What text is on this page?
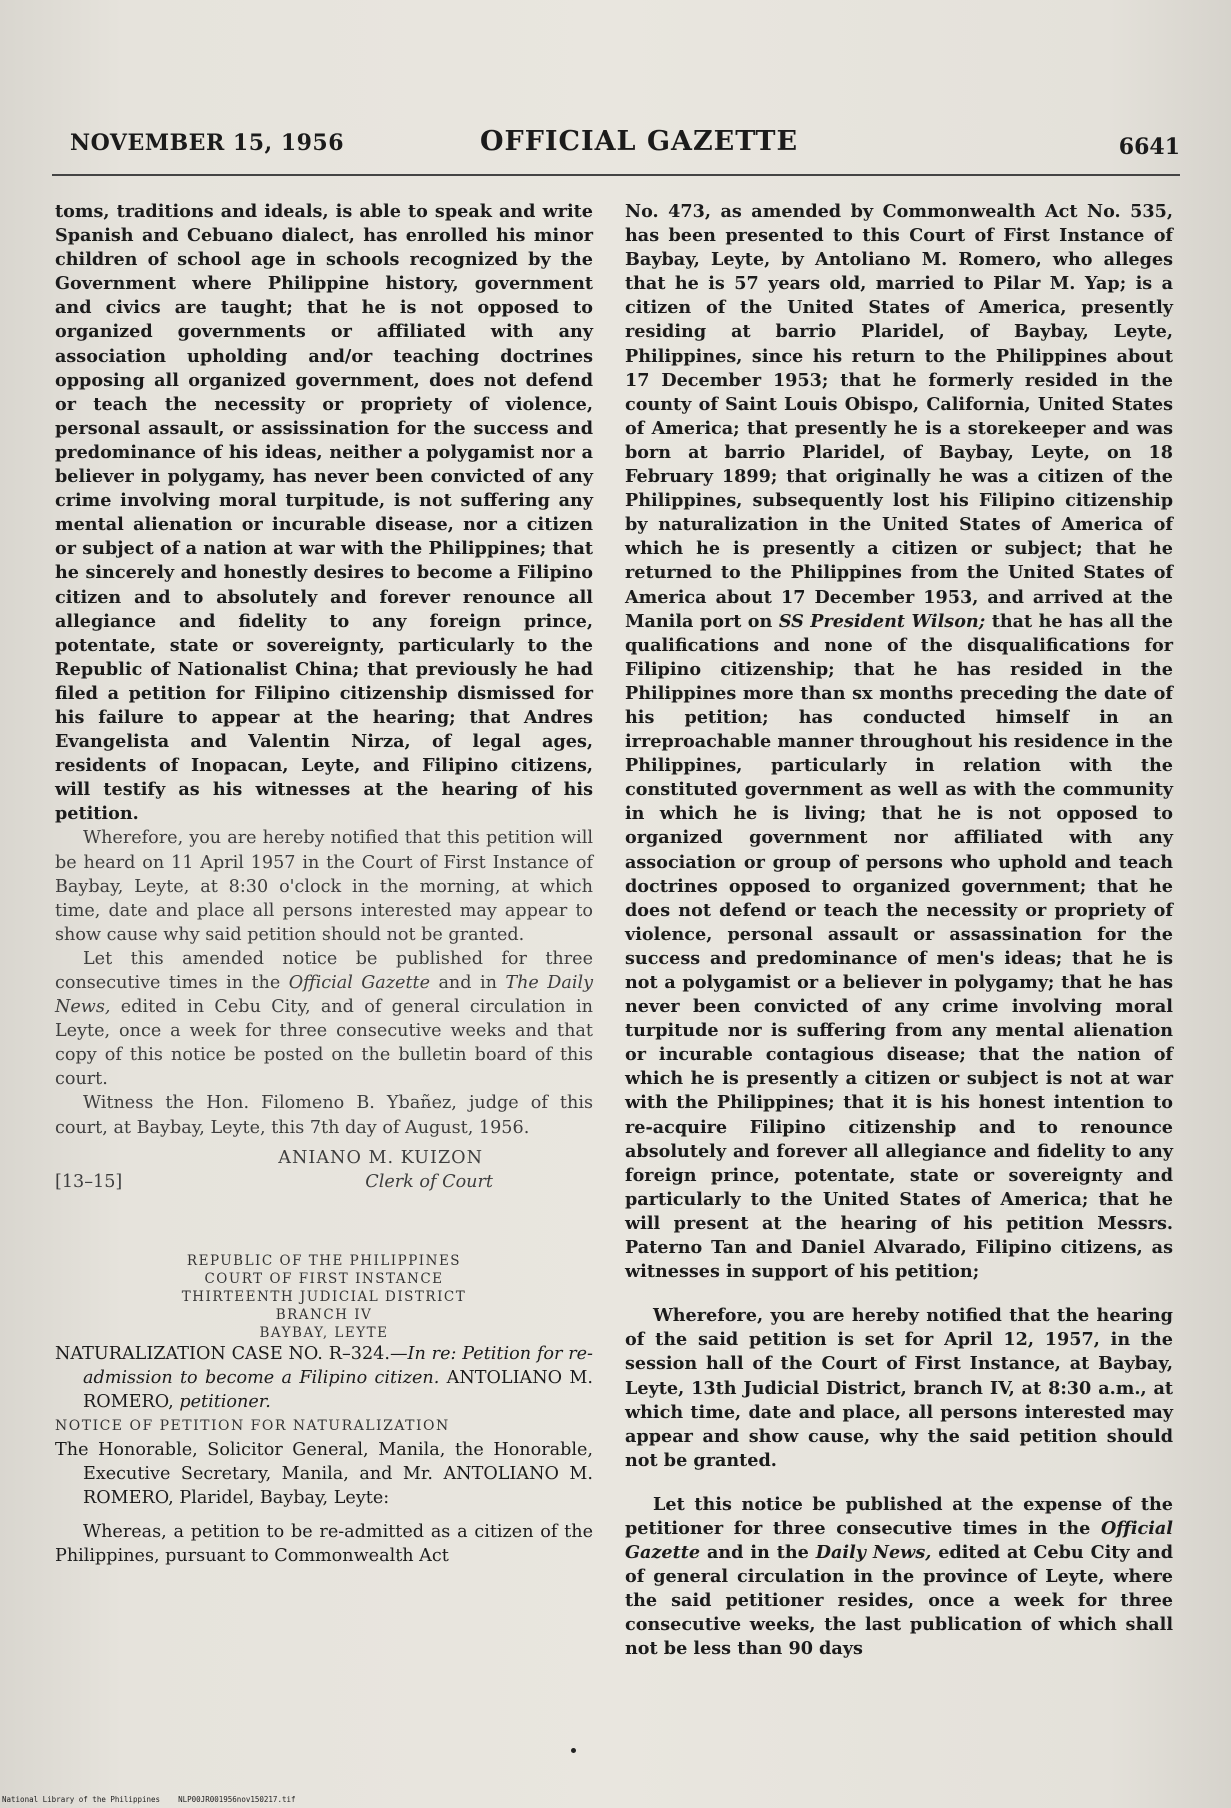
NOVEMBER 15, 1956	OFFICIAL GAZETTE	6641

toms, traditions and ideals, is able to speak and write Spanish and Cebuano dialect, has enrolled his minor children of school age in schools recognized by the Government where Philippine history, government and civics are taught; that he is not opposed to organized governments or affiliated with any association upholding and/or teaching doctrines opposing all organized government, does not defend or teach the necessity or propriety of violence, personal assault, or assissination for the success and predominance of his ideas, neither a polygamist nor a believer in polygamy, has never been convicted of any crime involving moral turpitude, is not suffering any mental alienation or incurable disease, nor a citizen or subject of a nation at war with the Philippines; that he sincerely and honestly desires to become a Filipino citizen and to absolutely and forever renounce all allegiance and fidelity to any foreign prince, potentate, state or sovereignty, particularly to the Republic of Nationalist China; that previously he had filed a petition for Filipino citizenship dismissed for his failure to appear at the hearing; that Andres Evangelista and Valentin Nirza, of legal ages, residents of Inopacan, Leyte, and Filipino citizens, will testify as his witnesses at the hearing of his petition.

Wherefore, you are hereby notified that this petition will be heard on 11 April 1957 in the Court of First Instance of Baybay, Leyte, at 8:30 o'clock in the morning, at which time, date and place all persons interested may appear to show cause why said petition should not be granted.

Let this amended notice be published for three consecutive times in the Official Gazette and in The Daily News, edited in Cebu City, and of general circulation in Leyte, once a week for three consecutive weeks and that copy of this notice be posted on the bulletin board of this court.

Witness the Hon. Filomeno B. Ybañez, judge of this court, at Baybay, Leyte, this 7th day of August, 1956.

ANIANO M. KUIZON
Clerk of Court
[13–15]
REPUBLIC OF THE PHILIPPINES
COURT OF FIRST INSTANCE
THIRTEENTH JUDICIAL DISTRICT
BRANCH IV
BAYBAY, LEYTE

NATURALIZATION CASE NO. R–324.—In re: Petition for re-admission to become a Filipino citizen. ANTOLIANO M. ROMERO, petitioner.

NOTICE OF PETITION FOR NATURALIZATION

The Honorable, Solicitor General, Manila, the Honorable, Executive Secretary, Manila, and Mr. ANTOLIANO M. ROMERO, Plaridel, Baybay, Leyte:

Whereas, a petition to be re-admitted as a citizen of the Philippines, pursuant to Commonwealth Act

No. 473, as amended by Commonwealth Act No. 535, has been presented to this Court of First Instance of Baybay, Leyte, by Antoliano M. Romero, who alleges that he is 57 years old, married to Pilar M. Yap; is a citizen of the United States of America, presently residing at barrio Plaridel, of Baybay, Leyte, Philippines, since his return to the Philippines about 17 December 1953; that he formerly resided in the county of Saint Louis Obispo, California, United States of America; that presently he is a storekeeper and was born at barrio Plaridel, of Baybay, Leyte, on 18 February 1899; that originally he was a citizen of the Philippines, subsequently lost his Filipino citizenship by naturalization in the United States of America of which he is presently a citizen or subject; that he returned to the Philippines from the United States of America about 17 December 1953, and arrived at the Manila port on SS President Wilson; that he has all the qualifications and none of the disqualifications for Filipino citizenship; that he has resided in the Philippines more than sx months preceding the date of his petition; has conducted himself in an irreproachable manner throughout his residence in the Philippines, particularly in relation with the constituted government as well as with the community in which he is living; that he is not opposed to organized government nor affiliated with any association or group of persons who uphold and teach doctrines opposed to organized government; that he does not defend or teach the necessity or propriety of violence, personal assault or assassination for the success and predominance of men's ideas; that he is not a polygamist or a believer in polygamy; that he has never been convicted of any crime involving moral turpitude nor is suffering from any mental alienation or incurable contagious disease; that the nation of which he is presently a citizen or subject is not at war with the Philippines; that it is his honest intention to re-acquire Filipino citizenship and to renounce absolutely and forever all allegiance and fidelity to any foreign prince, potentate, state or sovereignty and particularly to the United States of America; that he will present at the hearing of his petition Messrs. Paterno Tan and Daniel Alvarado, Filipino citizens, as witnesses in support of his petition;

Wherefore, you are hereby notified that the hearing of the said petition is set for April 12, 1957, in the session hall of the Court of First Instance, at Baybay, Leyte, 13th Judicial District, branch IV, at 8:30 a.m., at which time, date and place, all persons interested may appear and show cause, why the said petition should not be granted.

Let this notice be published at the expense of the petitioner for three consecutive times in the Official Gazette and in the Daily News, edited at Cebu City and of general circulation in the province of Leyte, where the said petitioner resides, once a week for three consecutive weeks, the last publication of which shall not be less than 90 days

National Library of the Philippines NLP00JR001956nov150217.tif
